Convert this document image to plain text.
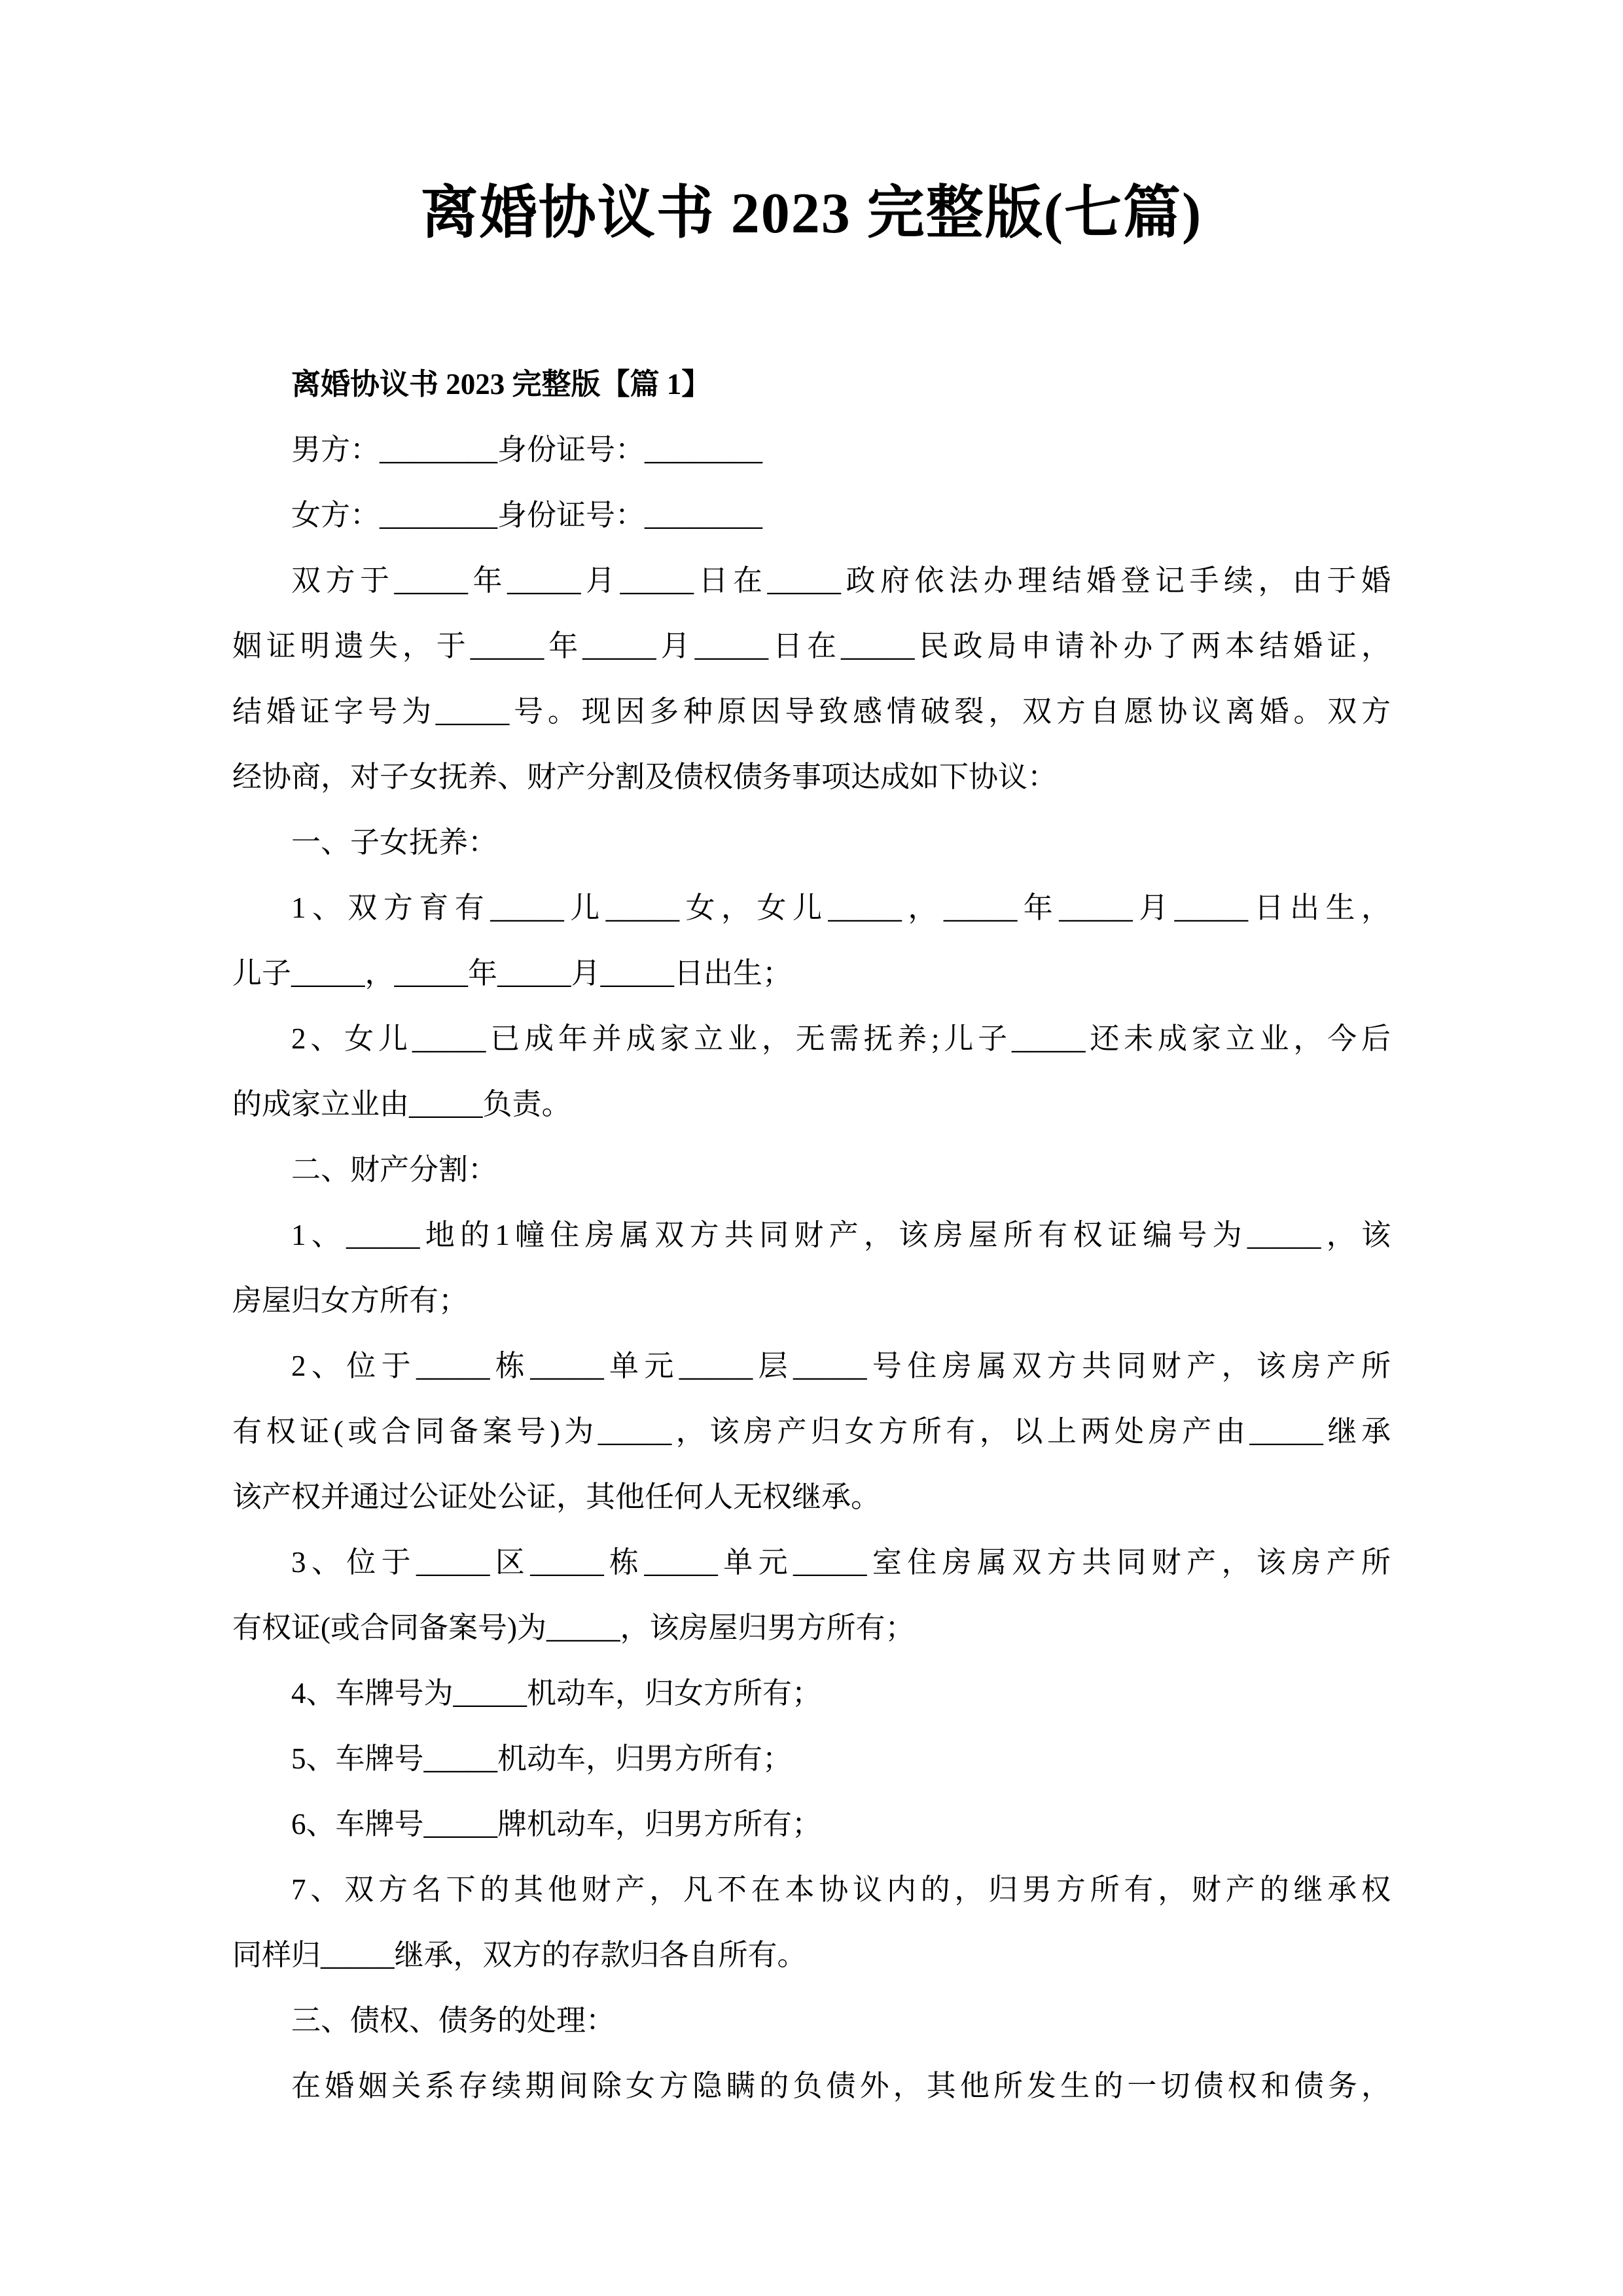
离婚协议书 2023 完整版(七篇)

离婚协议书 2023 完整版【篇 1】

男方：________身份证号：________

女方：________身份证号：________

双方于_____年_____月_____日在_____政府依法办理结婚登记手续，由于婚

姻证明遗失，于_____年_____月_____日在_____民政局申请补办了两本结婚证，

结婚证字号为_____号。现因多种原因导致感情破裂，双方自愿协议离婚。双方

经协商，对子女抚养、财产分割及债权债务事项达成如下协议：

一、子女抚养：

1、双方育有_____儿_____女，女儿_____，_____年_____月_____日出生，

儿子_____，_____年_____月_____日出生；

2、女儿_____已成年并成家立业，无需抚养;儿子_____还未成家立业，今后

的成家立业由_____负责。

二、财产分割：

1、_____地的1幢住房属双方共同财产，该房屋所有权证编号为_____，该

房屋归女方所有；

2、位于_____栋_____单元_____层_____号住房属双方共同财产，该房产所

有权证(或合同备案号)为_____，该房产归女方所有，以上两处房产由_____继承

该产权并通过公证处公证，其他任何人无权继承。

3、位于_____区_____栋_____单元_____室住房属双方共同财产，该房产所

有权证(或合同备案号)为_____，该房屋归男方所有；

4、车牌号为_____机动车，归女方所有；

5、车牌号_____机动车，归男方所有；

6、车牌号_____牌机动车，归男方所有；

7、双方名下的其他财产，凡不在本协议内的，归男方所有，财产的继承权

同样归_____继承，双方的存款归各自所有。

三、债权、债务的处理：

在婚姻关系存续期间除女方隐瞒的负债外，其他所发生的一切债权和债务，
